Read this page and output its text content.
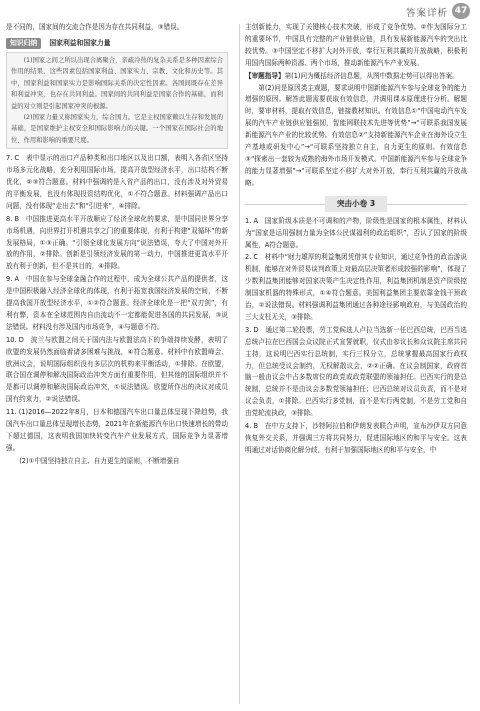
答案详析 47

是不同的，国家间的交流合作是因为存在共同利益，③错误。

知识归纳 国家利益和国家力量

(1)国家之间之所以出现合离聚合，亲疏冷热的复杂关系是多种因素综合作用的结果，这些因素包括国家利益、国家实力、宗教、文化和历史等。其中，国家利益和国家实力是影响国际关系的决定性因素。各国间既存在差异和利益冲突，也存在共同利益。国家间的共同利益是国家合作的基础，而利益的对立则是引起国家冲突的根源。

(2)国家力量又称国家实力，综合国力。它是主权国家赖以生存和发展的基础，是国家维护主权安全和国际影响力的关键。一个国家在国际社会的地位、作用和影响的重要尺度。

7. C　表中显示的出口产品种类和出口地区以及出口额，表明入各省区坚持市场多元化战略，充分利用国际市场，提高开放型经济水平，出口结构不断优化，②③符合题意。材料中强调的是入省产品的出口，没有涉及对外贸易的平衡发展，也没有体现投资结构优化，①不符合题意。材料强调产品出口问题，没有体现“走出去”和“引进来”，④排除。

8. B　中国推进更高水平开放顺应了经济全球化的要求，是中国同世界分享市场机遇，向世界打开机遇共享之门的重要体现，有利于构建“双循环”的新发展格局，①③正确。“引领全球化发展方向”说法错误，夸大了中国对外开放的作用，②排除。创新是引领经济发展的第一动力，中国推进更高水平开放有利于创新，但不是其目的，④排除。

9. A　中国在参与全球金融合作的过程中，成为全球公共产品的提供者，这是中国积极融入经济全球化的体现，有利于拓宽我国经济发展的空间，不断提高我国开放型经济水平，①②符合题意。经济全球化是一把“双刃剑”，有利有弊，资本在全球范围内自由流动不一定都能促进各国的共同发展，③说法错误。材料没有涉及国内市场竞争，④与题意不符。

10. D　波兰与欧盟之间关于国内法与欧盟法高下的争端持续发酵，表明了欧盟的发展仍然面临着诸多困难与挑战，④符合题意。材料中有欧盟峰会、欧洲议会，说明国际组织没有多层次的机构来平衡活动，①排除。在欧盟，联合国在调停和解决国际政治冲突方面有重要作用，但其他的国际组织并不是都可以调停和解决国际政治冲突，①说法错误。欧盟所作出的决议对成员国有约束力，②说法错误。

11. (1)2016—2022年8月，日本和德国汽车出口量总体呈现下降趋势，我国汽车出口量总体呈现增长态势，2021年在新能源汽车出口快速增长的带动下超过德国，这表明我国加快转变汽车产业发展方式，国际竞争力显著增强。

(2)①中国坚持独立自主、自力更生的原则，不断增强自

主创新能力，实现了关键核心技术突破，形成了竞争优势。②作为国际分工的重要环节，中国具有完整的产业链供应链，具有发展新能源汽车的突出比较优势。③中国坚定不移扩大对外开放，奉行互利共赢的开放战略，积极利用国内国际两种资源、两个市场，推动新能源汽车产业发展。

【审题指导】第(1)问为概括经济信息题，从图中数据走势可以得出答案。

第(2)问是原因类主观题，要求说明中国新能源汽车参与全球竞争的能力增强的原因。解答此题需要获取有效信息，并调用课本原理进行分析。解题时，要审材料，提取有效信息，链接教材知识。有效信息①“中国电动汽车发展的汽车产业链供应链强韧，智能网联技术先进等优势”→“可联系我国发展新能源汽车产业的比较优势。有效信息②“支持新能源汽车企业在海外设立生产基地或研发中心”→“可联系坚持独立自主，自力更生的原则。有效信息③“探索出一套较为成熟的海外市场开发模式。中国新能源汽车参与全球竞争的能力显著增强”→“可联系坚定不移扩大对外开放，奉行互利共赢的开放战略。

突击小卷 3

1. A　国家阶级本质是不可调和的产物，阶级性是国家的根本属性，材料认为“国家是运用强制力量为全体公民谋福利的政治组织”，否认了国家的阶级属性，A符合题意。

2. C　材料中“财力雄厚的利益集团凭借其专业知识，通过竞争性的政治游说机制，能够在对外贸易谈判政策上对最高层决策者形成较强的影响”，体现了少数利益集团能够对国家决策产生决定性作用，利益集团机制是资产阶级控制国家机器的特殊形式，①④符合题意。美国利益集团主要依靠金钱干预政治，②说法错误。材料强调利益集团通过各种途径影响政府，与美国政治的三大支柱无关，③排除。

3. D　通过第二轮投票，劳工党候选人卢拉当选新一任巴西总统，巴西当选总统卢拉在巴西国会众议院正式宣誓就职，仪式由参议长和众议院主席共同主持，这说明巴西实行总统制，实行三权分立，总统掌握最高国家行政权力，但总统受议会制约，无权解散议会，②②正确。在议会制国家，政府首脑一般由议会中占多数席位的政党或政党联盟的领袖担任。巴西实行的是总统制，总统并不是由议会多数党领袖担任；巴西总统对议员负责，而不是对议会负责，①排除。巴西实行多党制，而不是实行两党制，不是劳工党和自由党轮流执政，③排除。

4. B　在中方支持下，沙特阿拉伯和伊朗发表联合声明，宣布沙伊双方同意恢复外交关系，并强调三方将共同努力，促进国际地区的和平与安全。这表明通过对话协商化解分歧，有利于加强国际地区的和平与安全，中
